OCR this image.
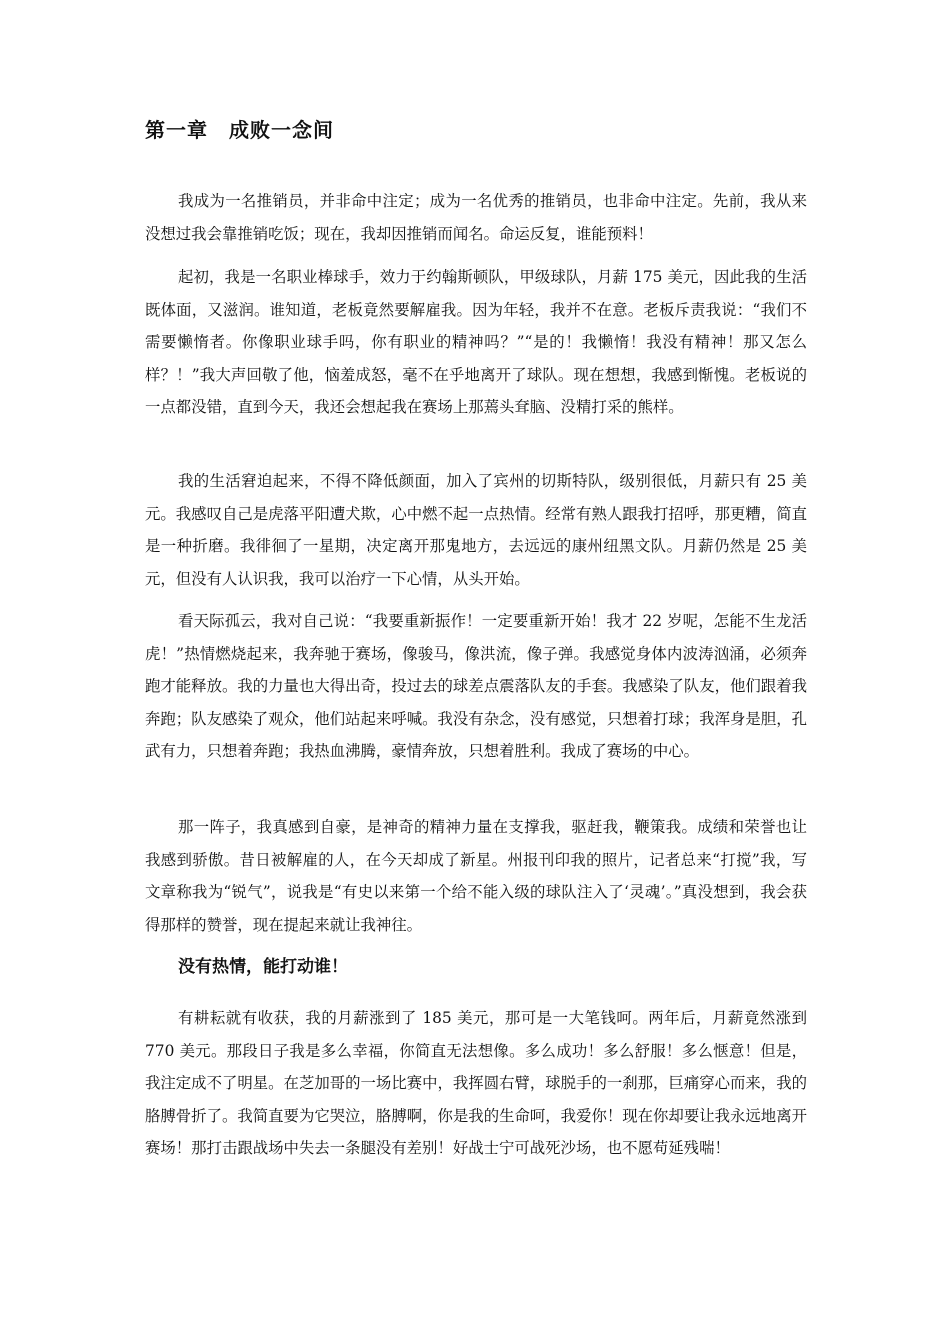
第一章　成败一念间

我成为一名推销员，并非命中注定；成为一名优秀的推销员，也非命中注定。先前，我从来没想过我会靠推销吃饭；现在，我却因推销而闻名。命运反复，谁能预料！

起初，我是一名职业棒球手，效力于约翰斯顿队，甲级球队，月薪 175 美元，因此我的生活既体面，又滋润。谁知道，老板竟然要解雇我。因为年轻，我并不在意。老板斥责我说：“我们不需要懒惰者。你像职业球手吗，你有职业的精神吗？”“是的！我懒惰！我没有精神！那又怎么样？！”我大声回敬了他，恼羞成怒，毫不在乎地离开了球队。现在想想，我感到惭愧。老板说的一点都没错，直到今天，我还会想起我在赛场上那蔫头耷脑、没精打采的熊样。

我的生活窘迫起来，不得不降低颜面，加入了宾州的切斯特队，级别很低，月薪只有 25 美元。我感叹自己是虎落平阳遭犬欺，心中燃不起一点热情。经常有熟人跟我打招呼，那更糟，简直是一种折磨。我徘徊了一星期，决定离开那鬼地方，去远远的康州纽黑文队。月薪仍然是 25 美元，但没有人认识我，我可以治疗一下心情，从头开始。

看天际孤云，我对自己说：“我要重新振作！一定要重新开始！我才 22 岁呢，怎能不生龙活虎！”热情燃烧起来，我奔驰于赛场，像骏马，像洪流，像子弹。我感觉身体内波涛汹涌，必须奔跑才能释放。我的力量也大得出奇，投过去的球差点震落队友的手套。我感染了队友，他们跟着我奔跑；队友感染了观众，他们站起来呼喊。我没有杂念，没有感觉，只想着打球；我浑身是胆，孔武有力，只想着奔跑；我热血沸腾，豪情奔放，只想着胜利。我成了赛场的中心。

那一阵子，我真感到自豪，是神奇的精神力量在支撑我，驱赶我，鞭策我。成绩和荣誉也让我感到骄傲。昔日被解雇的人，在今天却成了新星。州报刊印我的照片，记者总来“打搅”我，写文章称我为“锐气”，说我是“有史以来第一个给不能入级的球队注入了‘灵魂’。”真没想到，我会获得那样的赞誉，现在提起来就让我神往。

没有热情，能打动谁！

有耕耘就有收获，我的月薪涨到了 185 美元，那可是一大笔钱呵。两年后，月薪竟然涨到 770 美元。那段日子我是多么幸福，你简直无法想像。多么成功！多么舒服！多么惬意！但是，我注定成不了明星。在芝加哥的一场比赛中，我挥圆右臂，球脱手的一刹那，巨痛穿心而来，我的胳膊骨折了。我简直要为它哭泣，胳膊啊，你是我的生命呵，我爱你！现在你却要让我永远地离开赛场！那打击跟战场中失去一条腿没有差别！好战士宁可战死沙场，也不愿苟延残喘！
